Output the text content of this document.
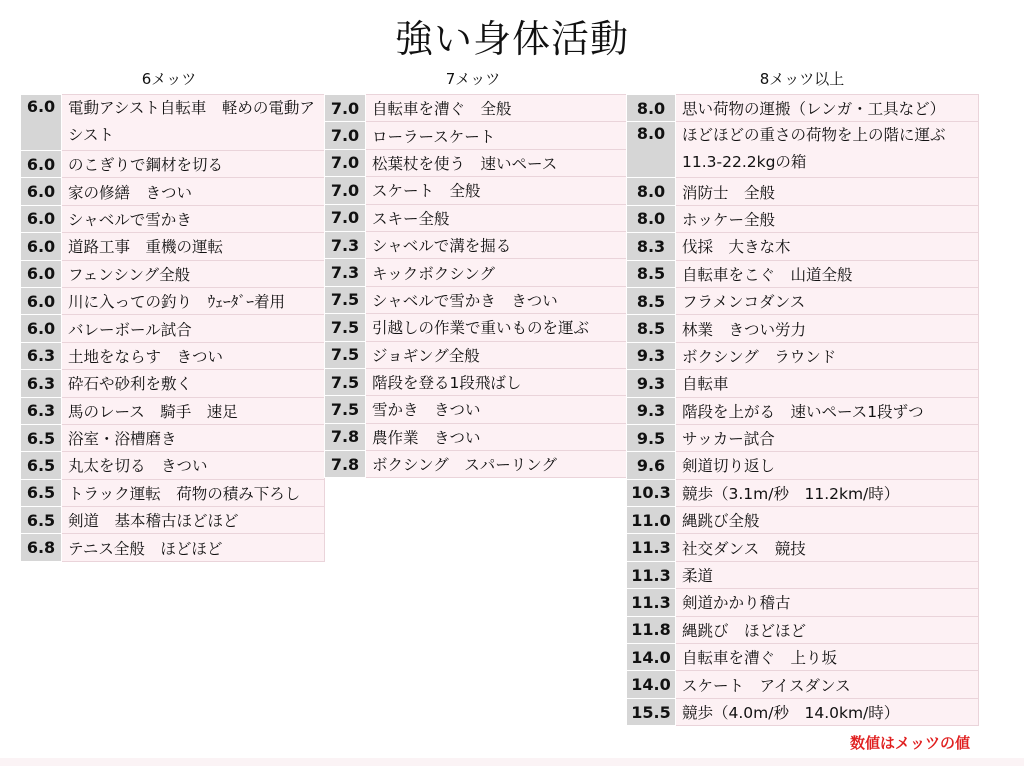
強い身体活動
6メッツ	7メッツ	8メッツ以上
6.0	電動アシスト自転車　軽めの電動アシスト
6.0	のこぎりで鋼材を切る
6.0	家の修繕　きつい
6.0	シャベルで雪かき
6.0	道路工事　重機の運転
6.0	フェンシング全般
6.0	川に入っての釣り　ｳｪｰﾀﾞｰ着用
6.0	バレーボール試合
6.3	土地をならす　きつい
6.3	砕石や砂利を敷く
6.3	馬のレース　騎手　速足
6.5	浴室・浴槽磨き
6.5	丸太を切る　きつい
6.5	トラック運転　荷物の積み下ろし
6.5	剣道　基本稽古ほどほど
6.8	テニス全般　ほどほど
7.0	自転車を漕ぐ　全般
7.0	ローラースケート
7.0	松葉杖を使う　速いペース
7.0	スケート　全般
7.0	スキー全般
7.3	シャベルで溝を掘る
7.3	キックボクシング
7.5	シャベルで雪かき　きつい
7.5	引越しの作業で重いものを運ぶ
7.5	ジョギング全般
7.5	階段を登る1段飛ばし
7.5	雪かき　きつい
7.8	農作業　きつい
7.8	ボクシング　スパーリング
8.0	思い荷物の運搬（レンガ・工具など）
8.0	ほどほどの重さの荷物を上の階に運ぶ　11.3-22.2kgの箱
8.0	消防士　全般
8.0	ホッケー全般
8.3	伐採　大きな木
8.5	自転車をこぐ　山道全般
8.5	フラメンコダンス
8.5	林業　きつい労力
9.3	ボクシング　ラウンド
9.3	自転車
9.3	階段を上がる　速いペース1段ずつ
9.5	サッカー試合
9.6	剣道切り返し
10.3	競歩（3.1m/秒　11.2km/時）
11.0	縄跳び全般
11.3	社交ダンス　競技
11.3	柔道
11.3	剣道かかり稽古
11.8	縄跳び　ほどほど
14.0	自転車を漕ぐ　上り坂
14.0	スケート　アイスダンス
15.5	競歩（4.0m/秒　14.0km/時）
数値はメッツの値
